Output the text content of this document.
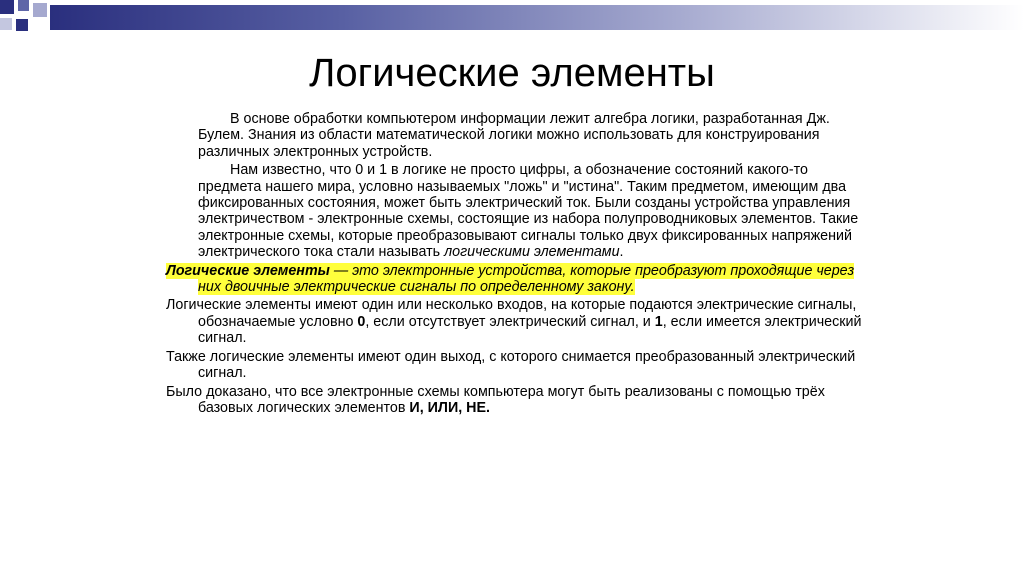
Логические элементы

В основе обработки компьютером информации лежит алгебра логики, разработанная Дж. Булем. Знания из области математической логики можно использовать для конструирования различных электронных устройств.

Нам известно, что 0 и 1 в логике не просто цифры, а обозначение состояний какого-то предмета нашего мира, условно называемых "ложь" и "истина". Таким предметом, имеющим два фиксированных состояния, может быть электрический ток. Были созданы устройства управления электричеством - электронные схемы, состоящие из набора полупроводниковых элементов. Такие электронные схемы, которые преобразовывают сигналы только двух фиксированных напряжений электрического тока стали называть логическими элементами.

Логические элементы — это электронные устройства, которые преобразуют проходящие через них двоичные электрические сигналы по определенному закону.

Логические элементы имеют один или несколько входов, на которые подаются электрические сигналы, обозначаемые условно 0, если отсутствует электрический сигнал, и 1, если имеется электрический сигнал.

Также логические элементы имеют один выход, с которого снимается преобразованный электрический сигнал.

Было доказано, что все электронные схемы компьютера могут быть реализованы с помощью трёх базовых логических элементов И, ИЛИ, НЕ.
